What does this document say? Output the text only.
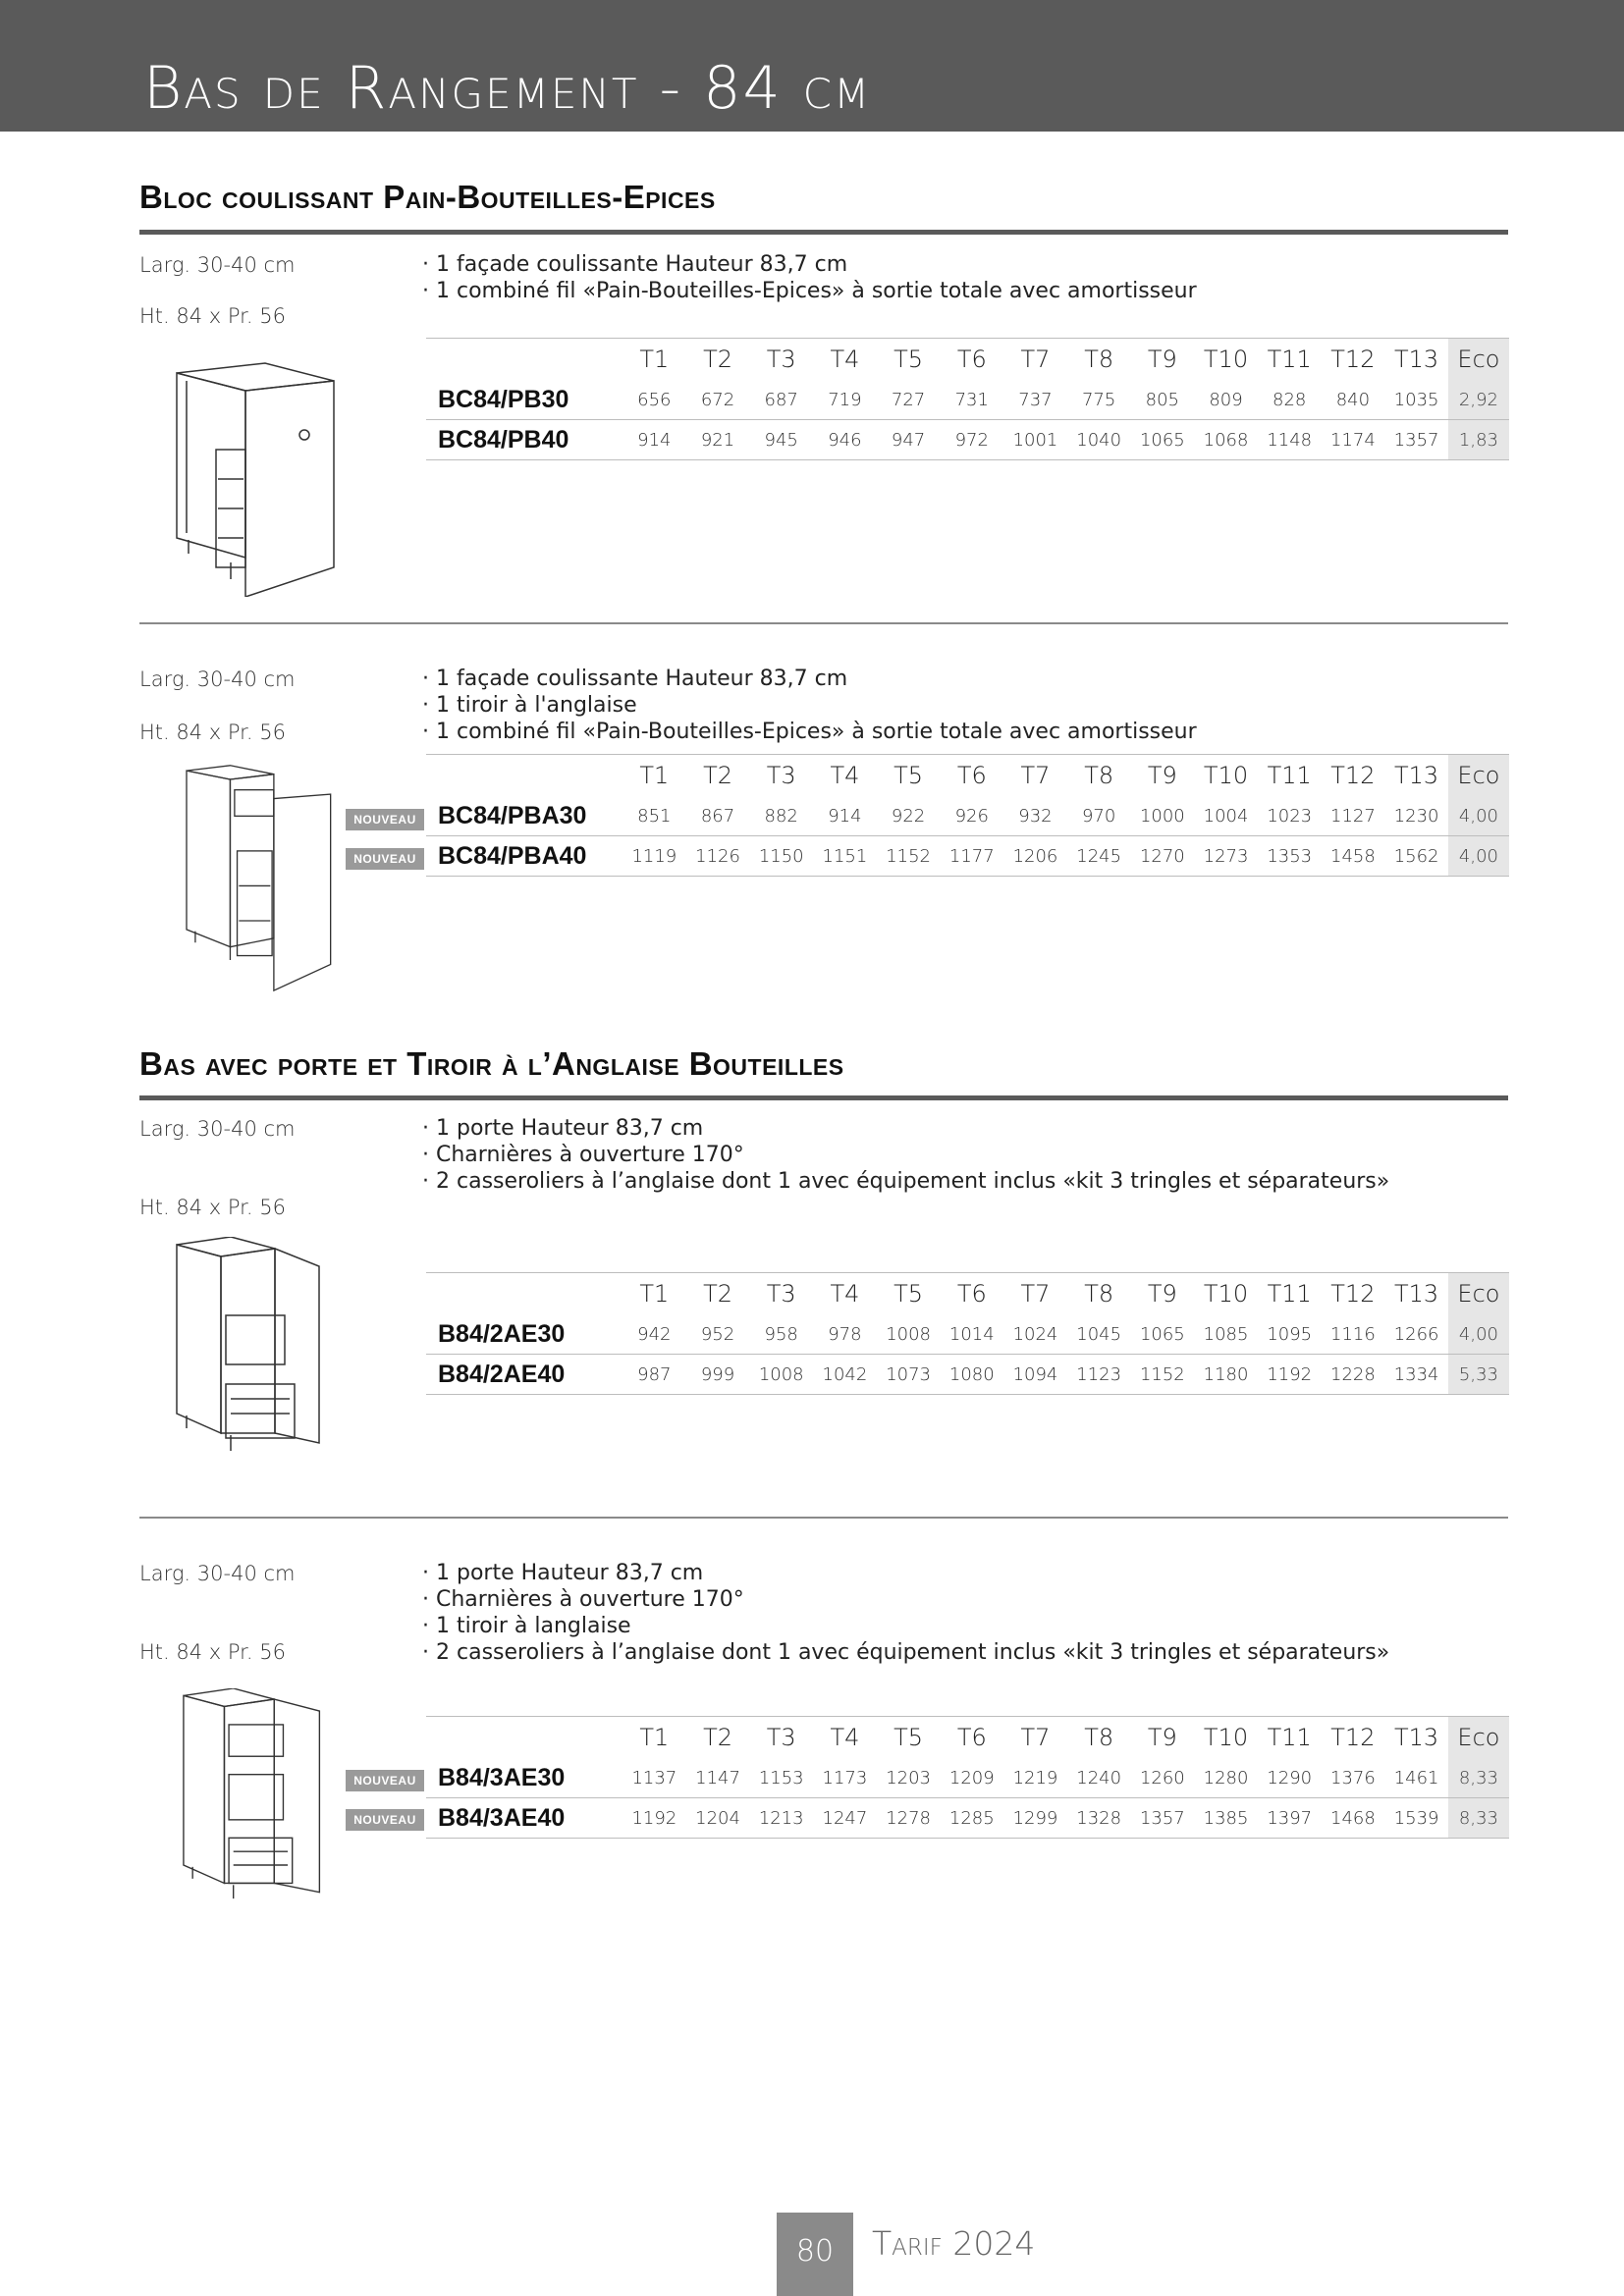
Bas de Rangement - 84 cm
Bloc coulissant Pain-Bouteilles-Epices
Larg. 30-40 cm
Ht. 84 x Pr. 56
· 1 façade coulissante Hauteur 83,7 cm
· 1 combiné fil «Pain-Bouteilles-Epices» à sortie totale avec amortisseur
	T1	T2	T3	T4	T5	T6	T7	T8	T9	T10	T11	T12	T13	Eco
BC84/PB30	656	672	687	719	727	731	737	775	805	809	828	840	1035	2,92
BC84/PB40	914	921	945	946	947	972	1001	1040	1065	1068	1148	1174	1357	1,83
Larg. 30-40 cm
Ht. 84 x Pr. 56
· 1 façade coulissante Hauteur 83,7 cm
· 1 tiroir à l'anglaise
· 1 combiné fil «Pain-Bouteilles-Epices» à sortie totale avec amortisseur
NOUVEAU
NOUVEAU
	T1	T2	T3	T4	T5	T6	T7	T8	T9	T10	T11	T12	T13	Eco
BC84/PBA30	851	867	882	914	922	926	932	970	1000	1004	1023	1127	1230	4,00
BC84/PBA40	1119	1126	1150	1151	1152	1177	1206	1245	1270	1273	1353	1458	1562	4,00
Bas avec porte et Tiroir à l’Anglaise Bouteilles
Larg. 30-40 cm
Ht. 84 x Pr. 56
· 1 porte Hauteur 83,7 cm
· Charnières à ouverture 170°
· 2 casseroliers à l’anglaise dont 1 avec équipement inclus «kit 3 tringles et séparateurs»
	T1	T2	T3	T4	T5	T6	T7	T8	T9	T10	T11	T12	T13	Eco
B84/2AE30	942	952	958	978	1008	1014	1024	1045	1065	1085	1095	1116	1266	4,00
B84/2AE40	987	999	1008	1042	1073	1080	1094	1123	1152	1180	1192	1228	1334	5,33
Larg. 30-40 cm
Ht. 84 x Pr. 56
· 1 porte Hauteur 83,7 cm
· Charnières à ouverture 170°
· 1 tiroir à langlaise
· 2 casseroliers à l’anglaise dont 1 avec équipement inclus «kit 3 tringles et séparateurs»
NOUVEAU
NOUVEAU
	T1	T2	T3	T4	T5	T6	T7	T8	T9	T10	T11	T12	T13	Eco
B84/3AE30	1137	1147	1153	1173	1203	1209	1219	1240	1260	1280	1290	1376	1461	8,33
B84/3AE40	1192	1204	1213	1247	1278	1285	1299	1328	1357	1385	1397	1468	1539	8,33
80	Tarif 2024
